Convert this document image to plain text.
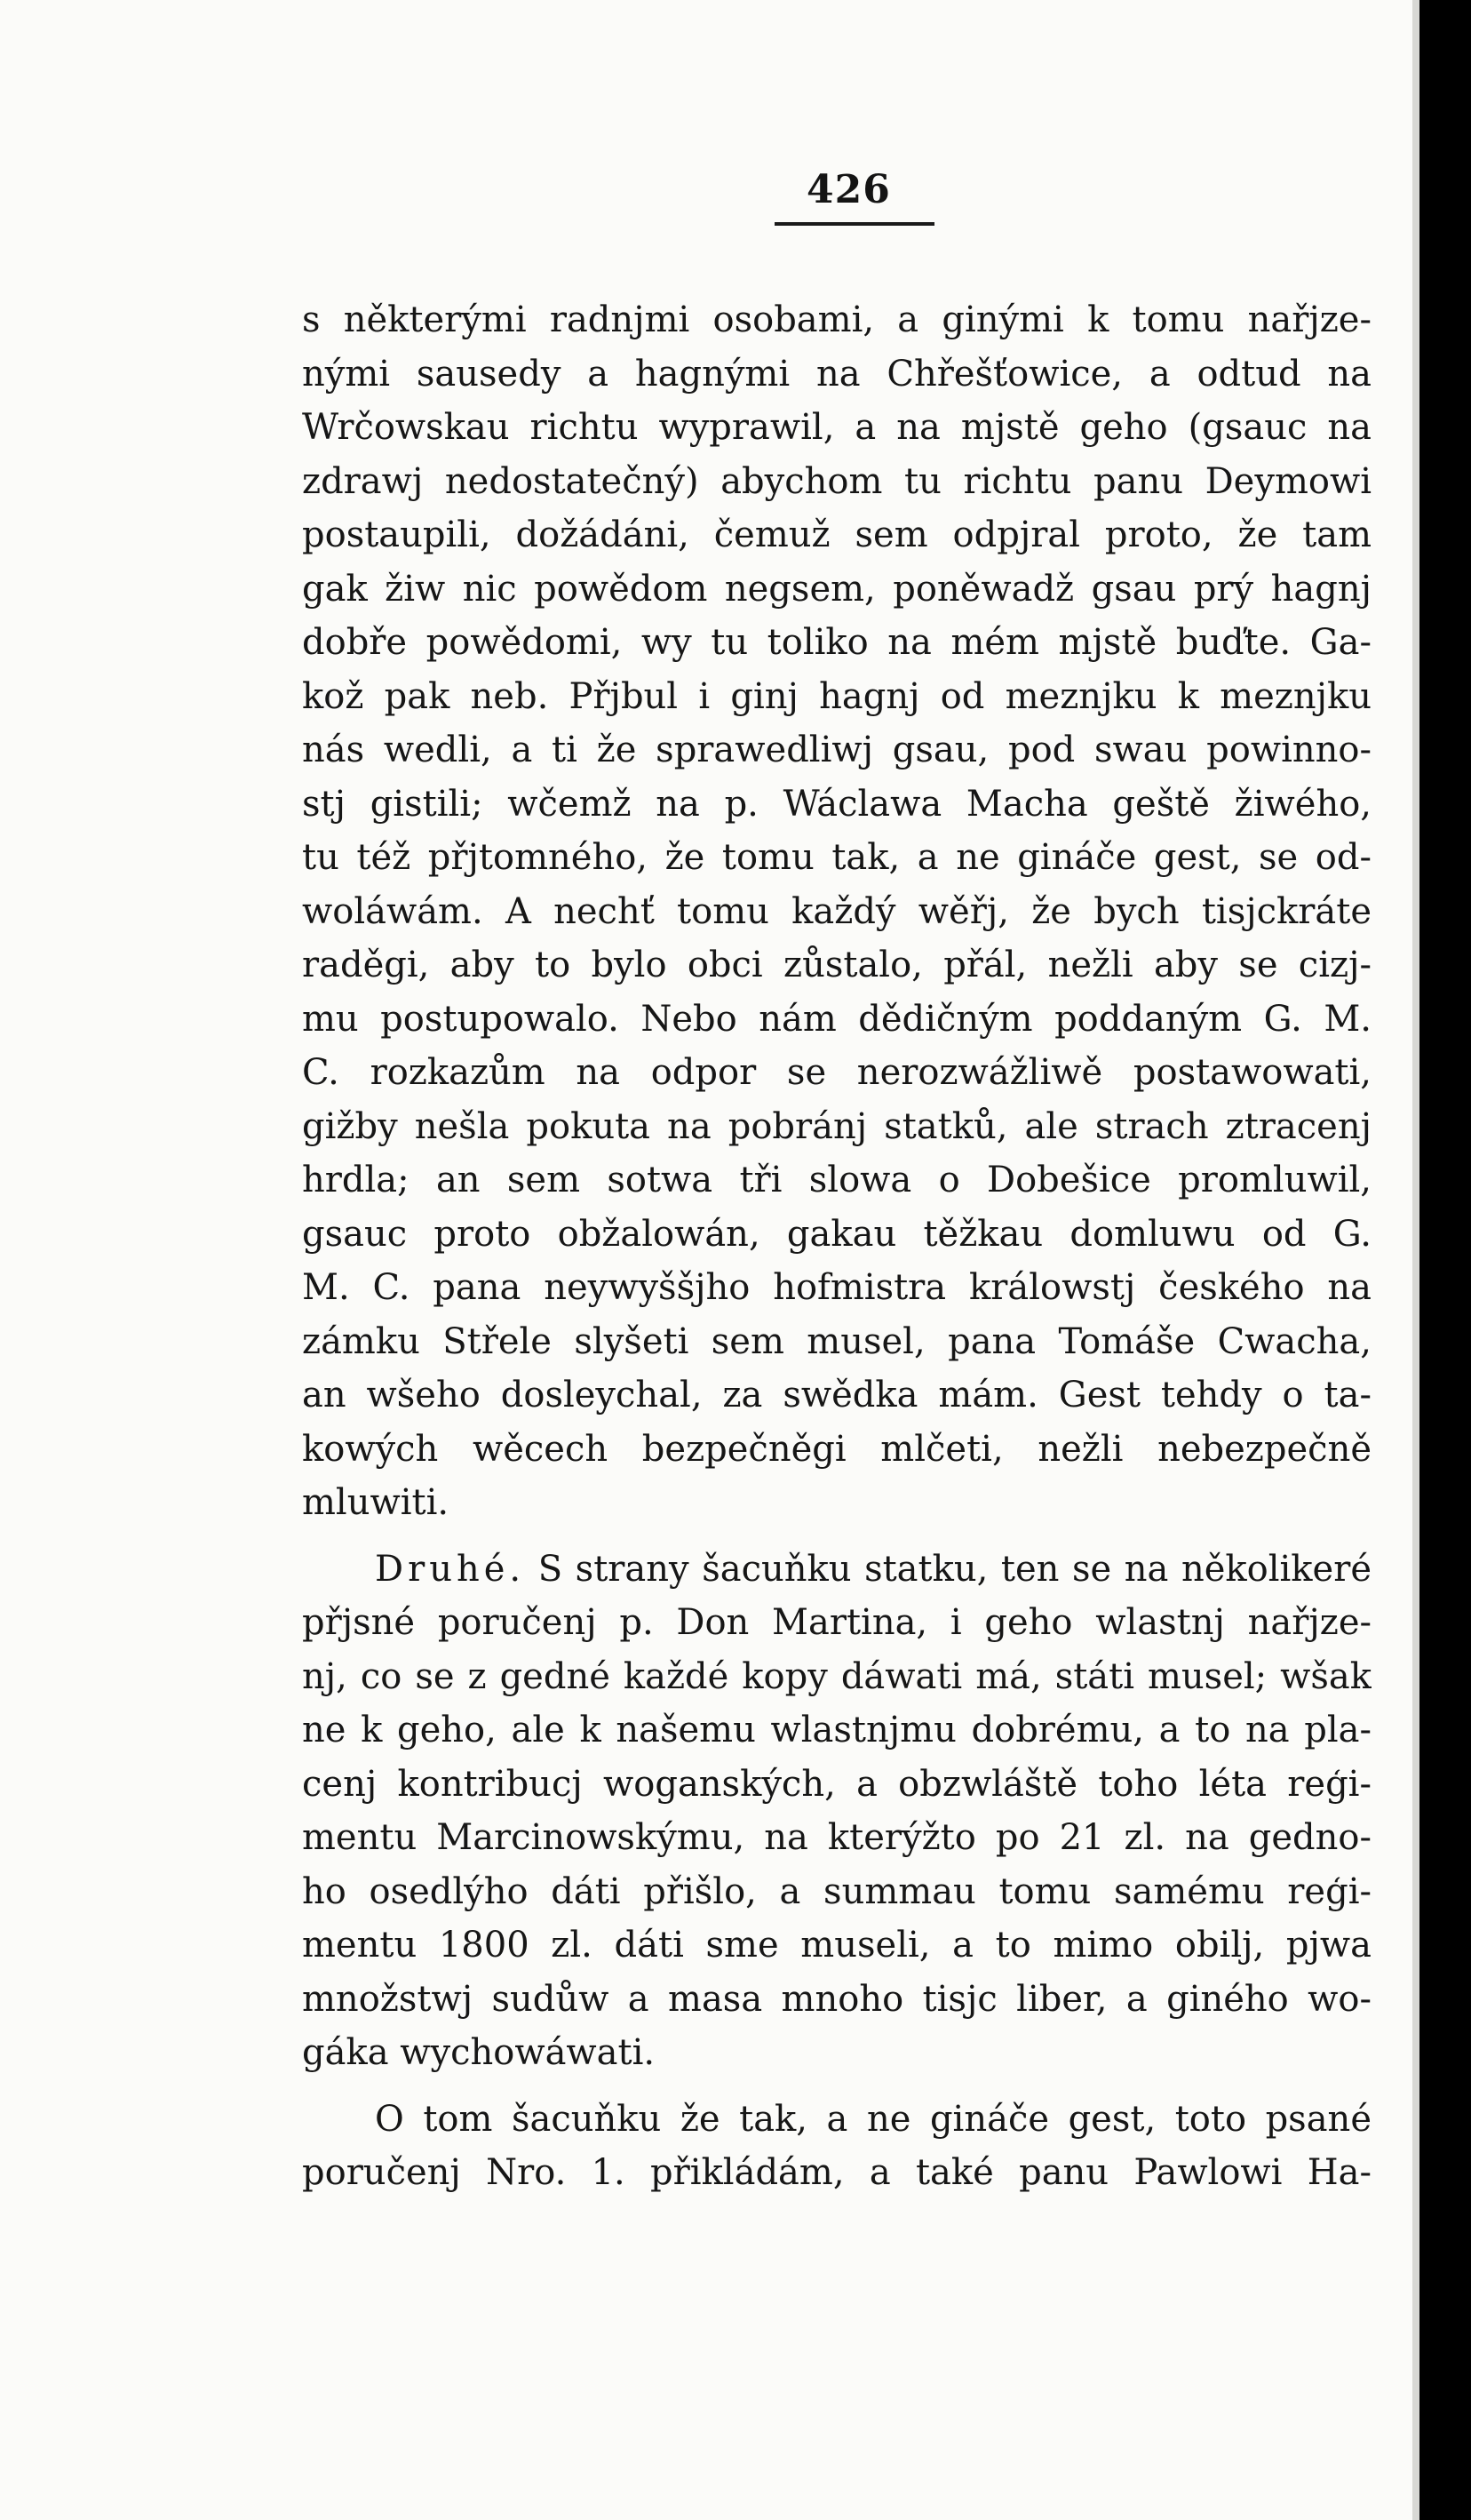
426
s některými radnjmi osobami, a ginými k tomu nařjze-
nými sausedy a hagnými na Chřešťowice, a odtud na
Wrčowskau richtu wyprawil, a na mjstě geho (gsauc na
zdrawj nedostatečný) abychom tu richtu panu Deymowi
postaupili, dožádáni, čemuž sem odpjral proto, že tam
gak žiw nic powědom negsem, poněwadž gsau prý hagnj
dobře powědomi, wy tu toliko na mém mjstě buďte. Ga-
kož pak neb. Přjbul i ginj hagnj od meznjku k meznjku
nás wedli, a ti že sprawedliwj gsau, pod swau powinno-
stj gistili; wčemž na p. Wáclawa Macha geště žiwého,
tu též přjtomného, že tomu tak, a ne gináče gest, se od-
woláwám. A nechť tomu každý wěřj, že bych tisjckráte
raděgi, aby to bylo obci zůstalo, přál, nežli aby se cizj-
mu postupowalo. Nebo nám dědičným poddaným G. M.
C. rozkazům na odpor se nerozwážliwě postawowati,
gižby nešla pokuta na pobránj statků, ale strach ztracenj
hrdla; an sem sotwa tři slowa o Dobešice promluwil,
gsauc proto obžalowán, gakau těžkau domluwu od G.
M. C. pana neywyššjho hofmistra králowstj českého na
zámku Střele slyšeti sem musel, pana Tomáše Cwacha,
an wšeho dosleychal, za swědka mám. Gest tehdy o ta-
kowých wěcech bezpečněgi mlčeti, nežli nebezpečně
mluwiti.
Druhé. S strany šacuňku statku, ten se na několikeré
přjsné poručenj p. Don Martina, i geho wlastnj nařjze-
nj, co se z gedné každé kopy dáwati má, státi musel; wšak
ne k geho, ale k našemu wlastnjmu dobrému, a to na pla-
cenj kontribucj woganských, a obzwláště toho léta reģi-
mentu Marcinowskýmu, na kterýžto po 21 zl. na gedno-
ho osedlýho dáti přišlo, a summau tomu samému reģi-
mentu 1800 zl. dáti sme museli, a to mimo obilj, pjwa
množstwj sudůw a masa mnoho tisjc liber, a giného wo-
gáka wychowáwati.
O tom šacuňku že tak, a ne gináče gest, toto psané
poručenj Nro. 1. přikládám, a také panu Pawlowi Ha-
